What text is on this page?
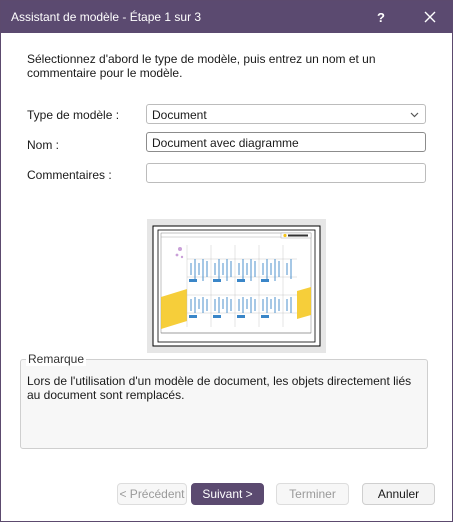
Assistant de modèle - Étape 1 sur 3	?
Sélectionnez d'abord le type de modèle, puis entrez un nom et un commentaire pour le modèle.
Type de modèle :	Document
Nom :	Document avec diagramme
Commentaires :
Remarque
Lors de l'utilisation d'un modèle de document, les objets directement liés au document sont remplacés.
< Précédent	Suivant >	Terminer	Annuler
